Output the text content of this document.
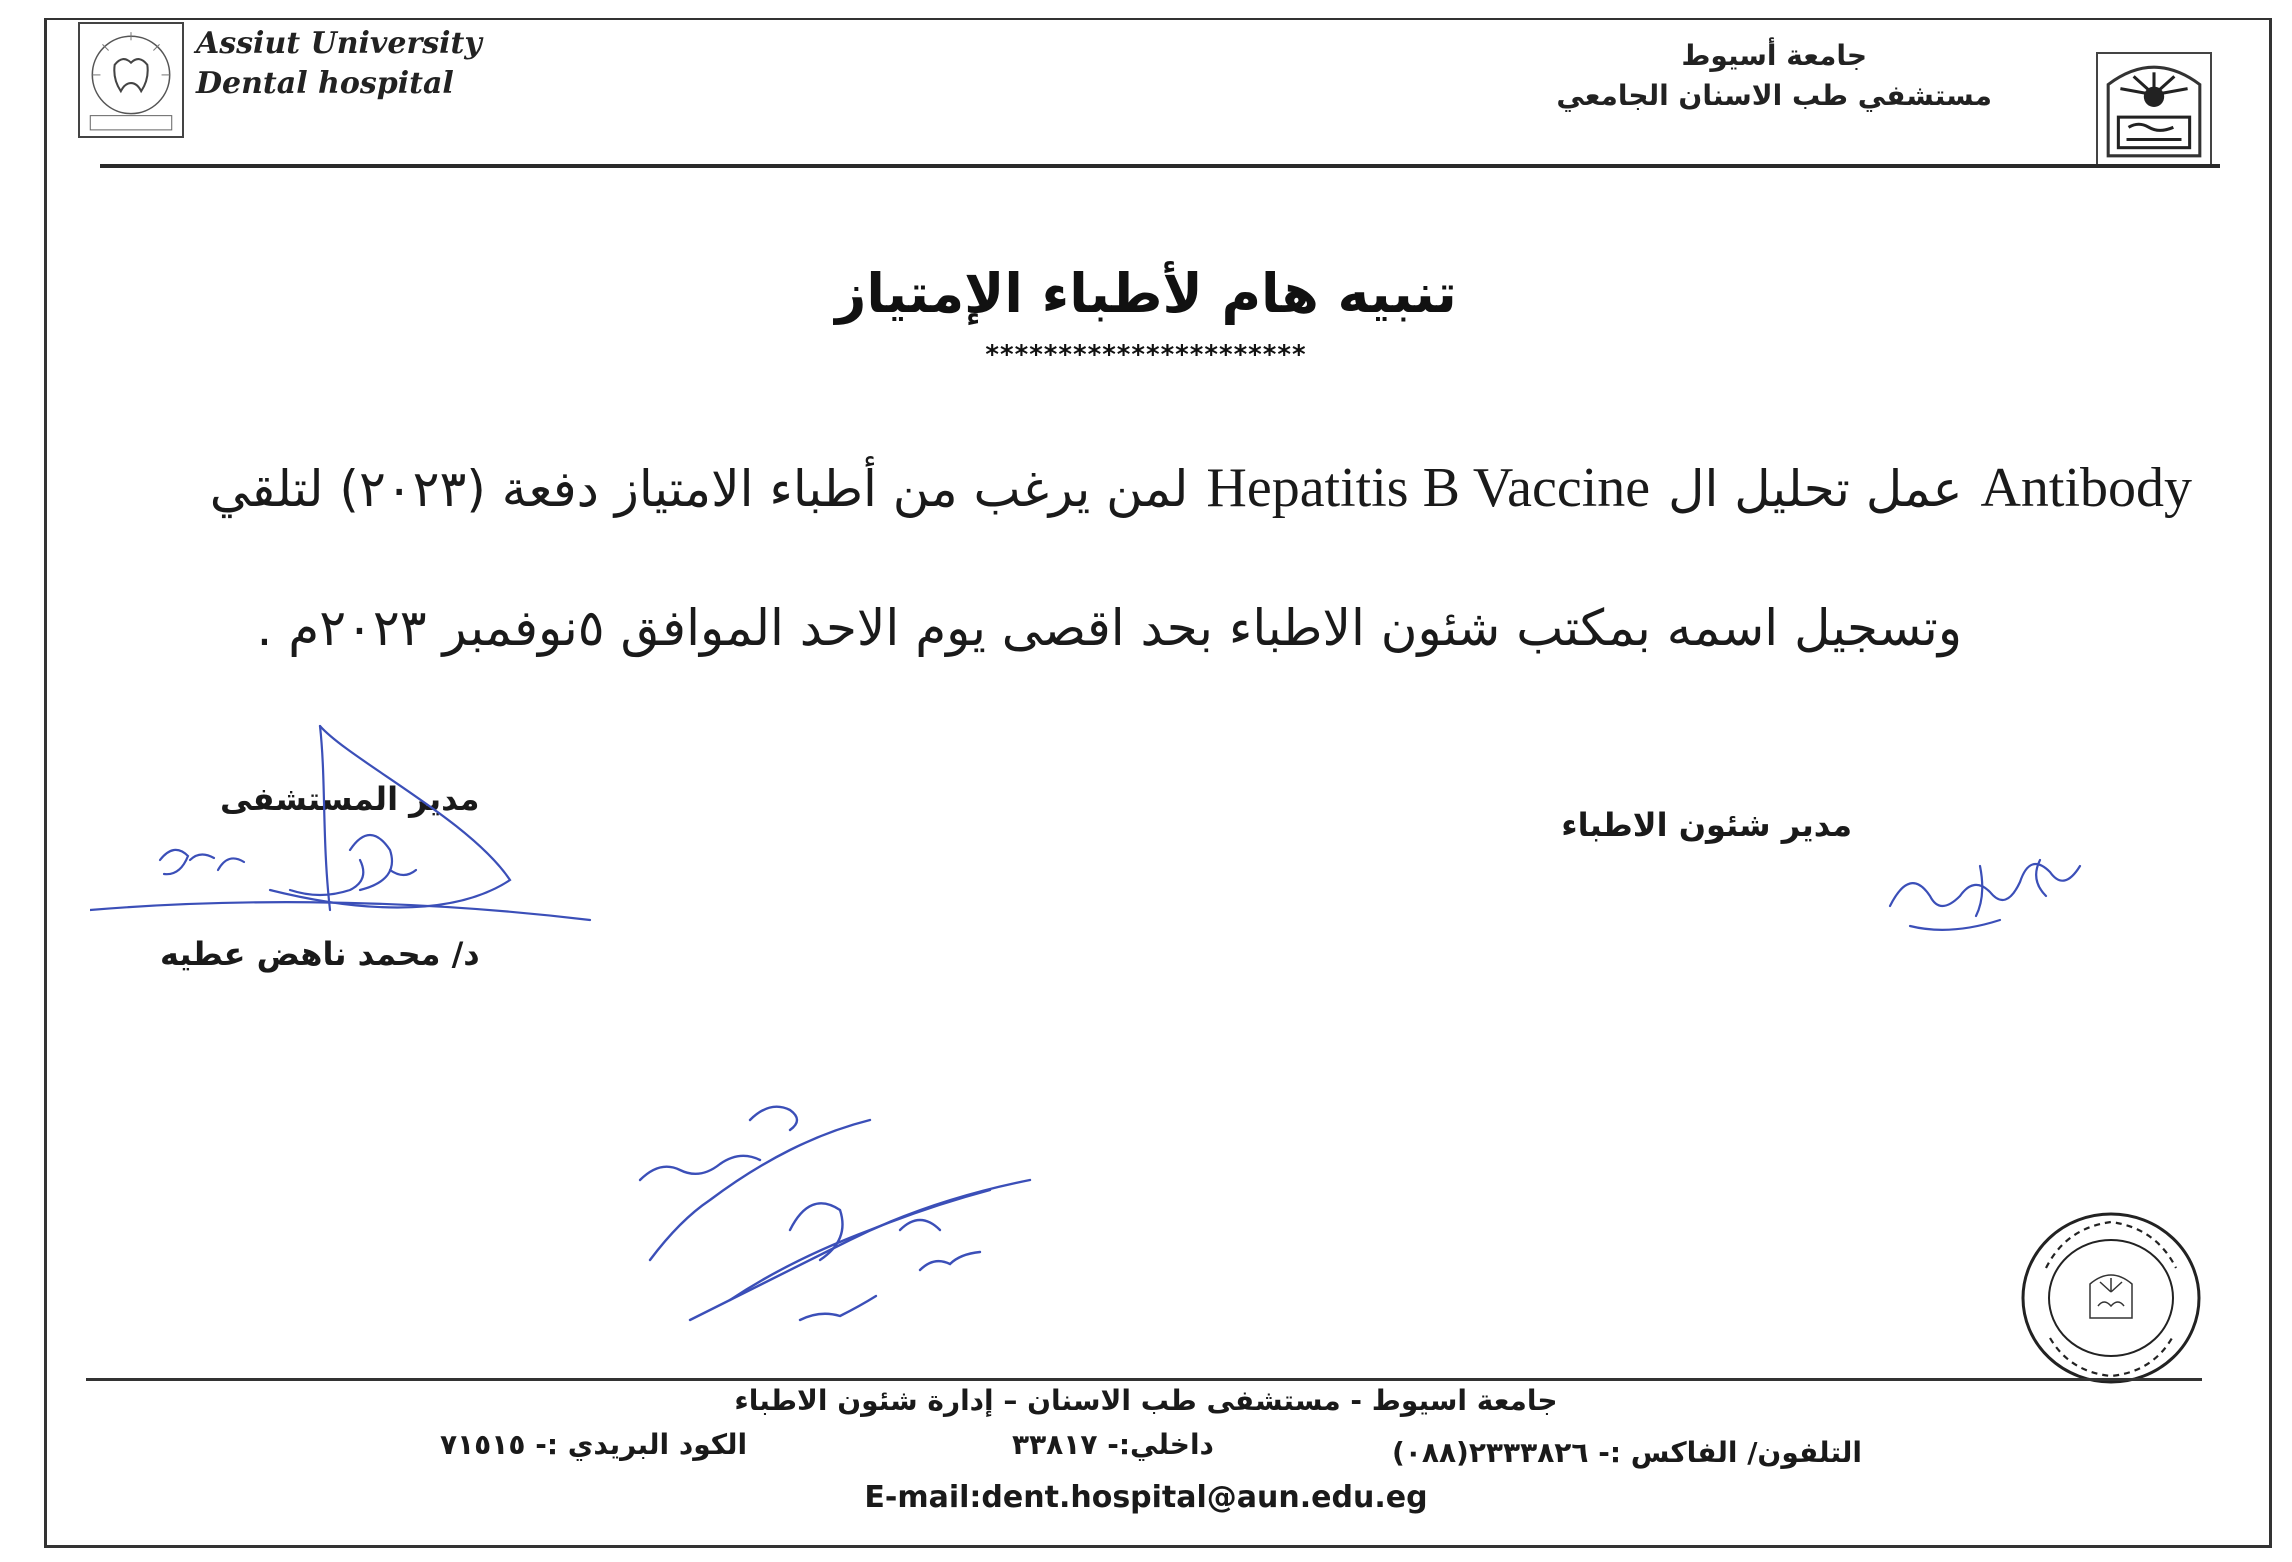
Assiut University
Dental hospital
جامعة أسيوط
مستشفي طب الاسنان الجامعي
تنبيه هام لأطباء الإمتياز
**********************
لمن يرغب من أطباء الامتياز دفعة (٢٠٢٣) لتلقي Hepatitis B Vaccine عمل تحليل ال Antibody
وتسجيل اسمه بمكتب شئون الاطباء بحد اقصى يوم الاحد الموافق ٥نوفمبر ٢٠٢٣م .
مدير المستشفى
د/ محمد ناهض عطيه
مدير شئون الاطباء
جامعة اسيوط - مستشفى طب الاسنان – إدارة شئون الاطباء
التلفون/ الفاكس :- ٢٣٣٣٨٢٦(٠٨٨)
داخلي:- ٣٣٨١٧
الكود البريدي :- ٧١٥١٥
E-mail:dent.hospital@aun.edu.eg
